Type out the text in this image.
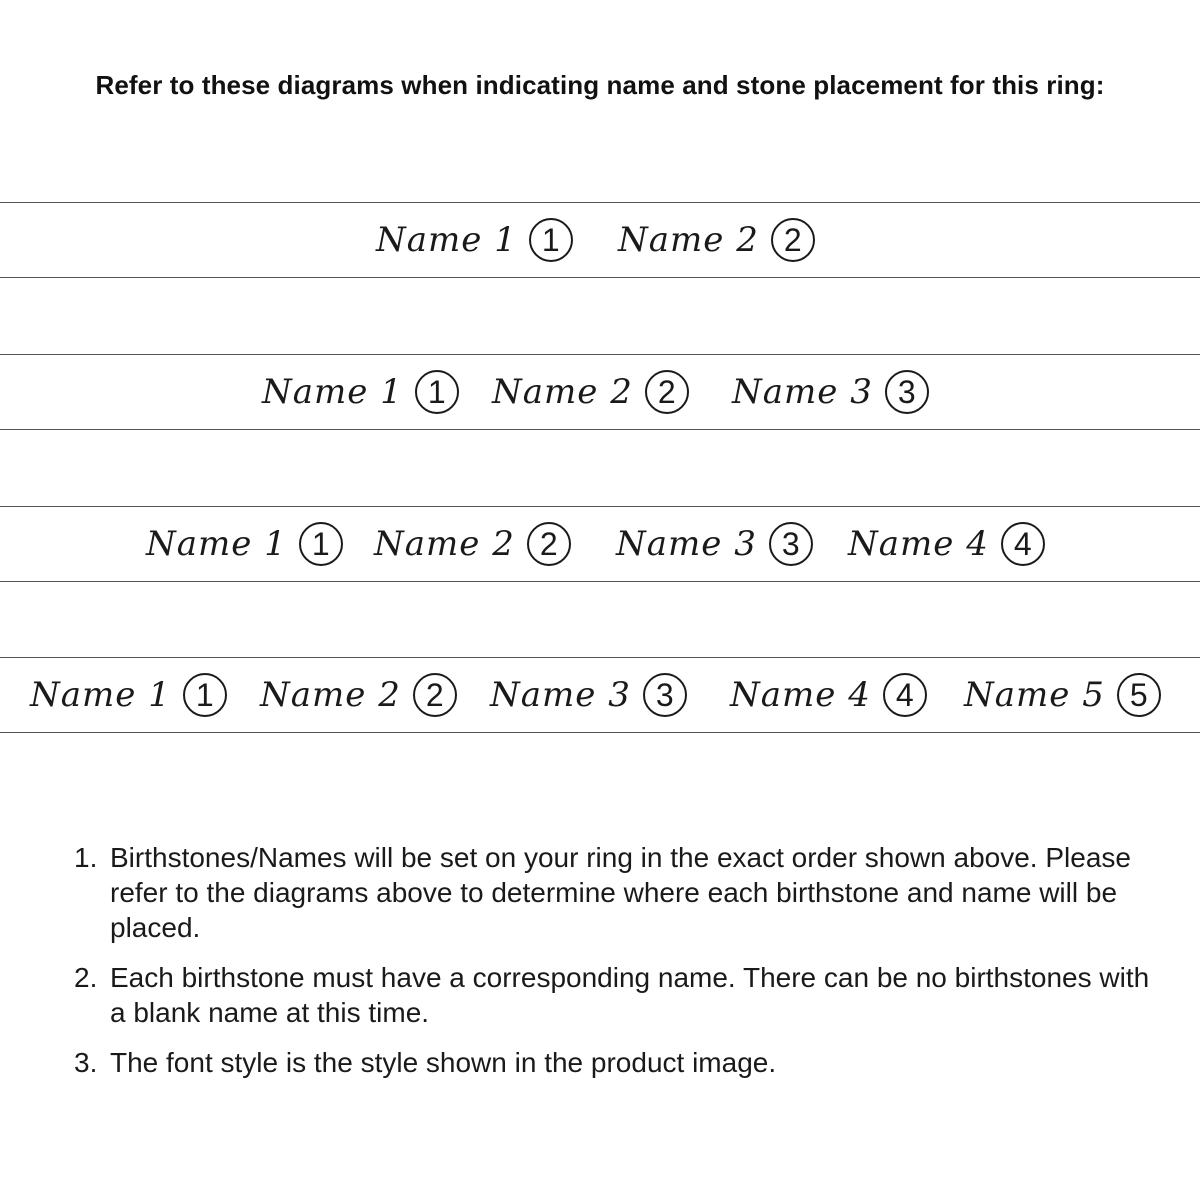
Refer to these diagrams when indicating name and stone placement for this ring:
Name 1 1	Name 2 2
Name 1 1	Name 2 2	Name 3 3
Name 1 1	Name 2 2	Name 3 3	Name 4 4
Name 1 1	Name 2 2	Name 3 3	Name 4 4	Name 5 5
1. Birthstones/Names will be set on your ring in the exact order shown above. Please refer to the diagrams above to determine where each birthstone and name will be placed.
2. Each birthstone must have a corresponding name. There can be no birthstones with a blank name at this time.
3. The font style is the style shown in the product image.
